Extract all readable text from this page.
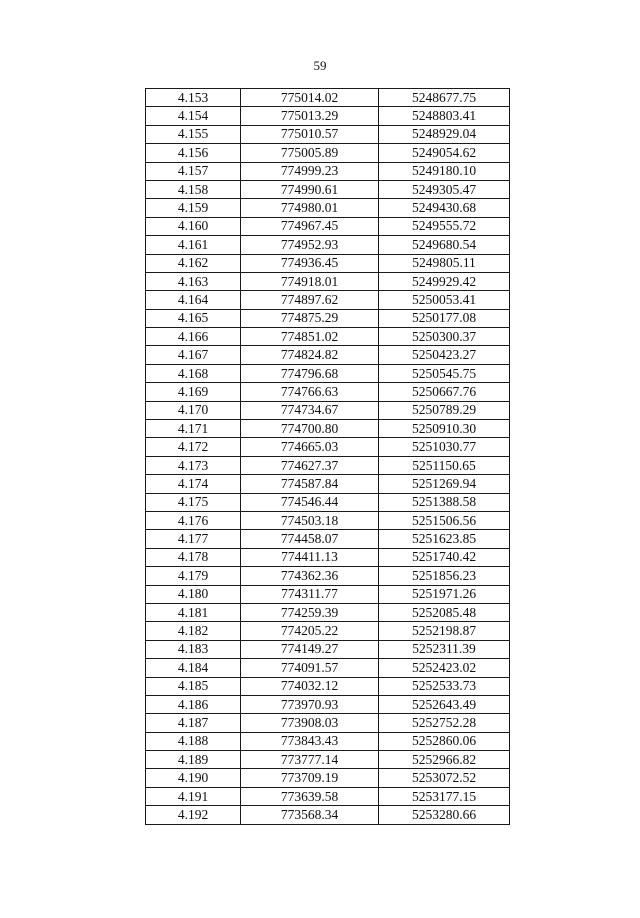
59
4.153	775014.02	5248677.75
4.154	775013.29	5248803.41
4.155	775010.57	5248929.04
4.156	775005.89	5249054.62
4.157	774999.23	5249180.10
4.158	774990.61	5249305.47
4.159	774980.01	5249430.68
4.160	774967.45	5249555.72
4.161	774952.93	5249680.54
4.162	774936.45	5249805.11
4.163	774918.01	5249929.42
4.164	774897.62	5250053.41
4.165	774875.29	5250177.08
4.166	774851.02	5250300.37
4.167	774824.82	5250423.27
4.168	774796.68	5250545.75
4.169	774766.63	5250667.76
4.170	774734.67	5250789.29
4.171	774700.80	5250910.30
4.172	774665.03	5251030.77
4.173	774627.37	5251150.65
4.174	774587.84	5251269.94
4.175	774546.44	5251388.58
4.176	774503.18	5251506.56
4.177	774458.07	5251623.85
4.178	774411.13	5251740.42
4.179	774362.36	5251856.23
4.180	774311.77	5251971.26
4.181	774259.39	5252085.48
4.182	774205.22	5252198.87
4.183	774149.27	5252311.39
4.184	774091.57	5252423.02
4.185	774032.12	5252533.73
4.186	773970.93	5252643.49
4.187	773908.03	5252752.28
4.188	773843.43	5252860.06
4.189	773777.14	5252966.82
4.190	773709.19	5253072.52
4.191	773639.58	5253177.15
4.192	773568.34	5253280.66
